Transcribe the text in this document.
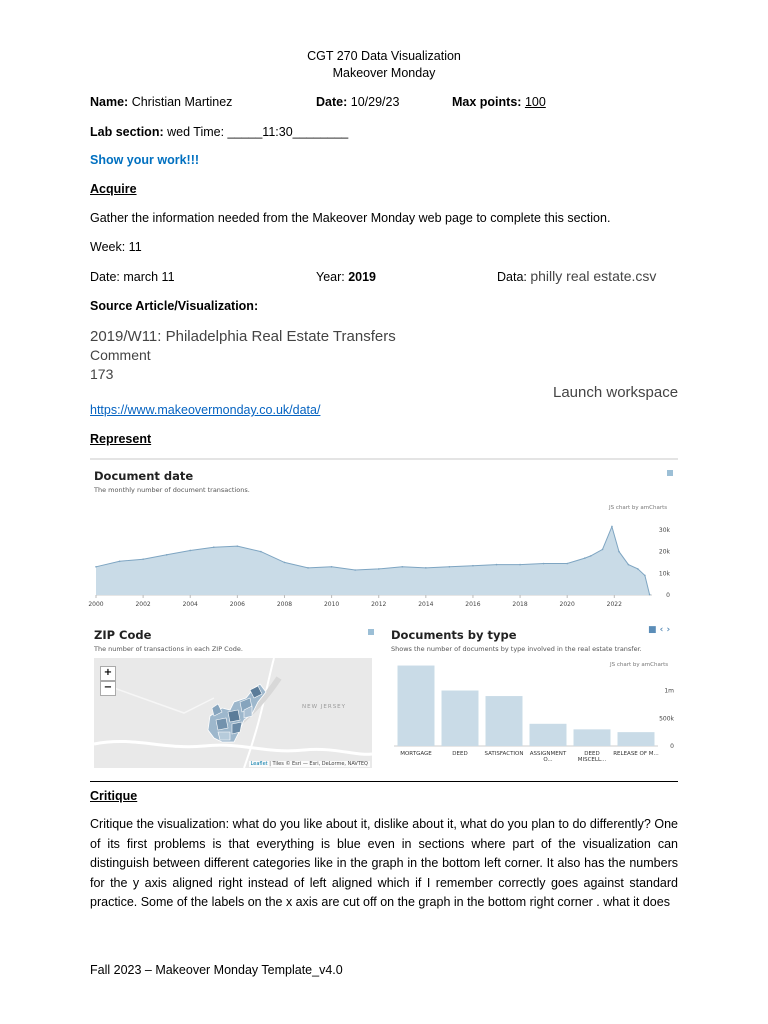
CGT 270 Data Visualization
Makeover Monday
Name: Christian Martinez	Date: 10/29/23	Max points: 100
Lab section: wed Time: _____11:30________
Show your work!!!
Acquire
Gather the information needed from the Makeover Monday web page to complete this section.
Week: 11
Date: march 11	Year: 2019	Data: philly real estate.csv
Source Article/Visualization:
2019/W11: Philadelphia Real Estate Transfers
Comment
173
Launch workspace
https://www.makeovermonday.co.uk/data/
Represent
Document date
The monthly number of document transactions.
JS chart by amCharts
2000	2002	2004	2006	2008	2010	2012	2014	2016	2018	2020	2022
0
10k
20k
30k
ZIP Code
The number of transactions in each ZIP Code.
+
−
NEW JERSEY
Leaflet | Tiles © Esri — Esri, DeLorme, NAVTEQ
Documents by type
Shows the number of documents by type involved in the real estate transfer.
■ ‹ ›
JS chart by amCharts
MORTGAGE	DEED	SATISFACTION ASSIGNMENT
O...
DEED
MISCELL...
RELEASE OF M...
0
500k
1m
Critique
Critique the visualization: what do you like about it, dislike about it, what do you plan to do differently? One of its first problems is that everything is blue even in sections where part of the visualization can distinguish between different categories like in the graph in the bottom left corner. It also has the numbers for the y axis aligned right instead of left aligned which if I remember correctly goes against standard practice. Some of the labels on the x axis are cut off on the graph in the bottom right corner . what it does
Fall 2023 – Makeover Monday Template_v4.0
